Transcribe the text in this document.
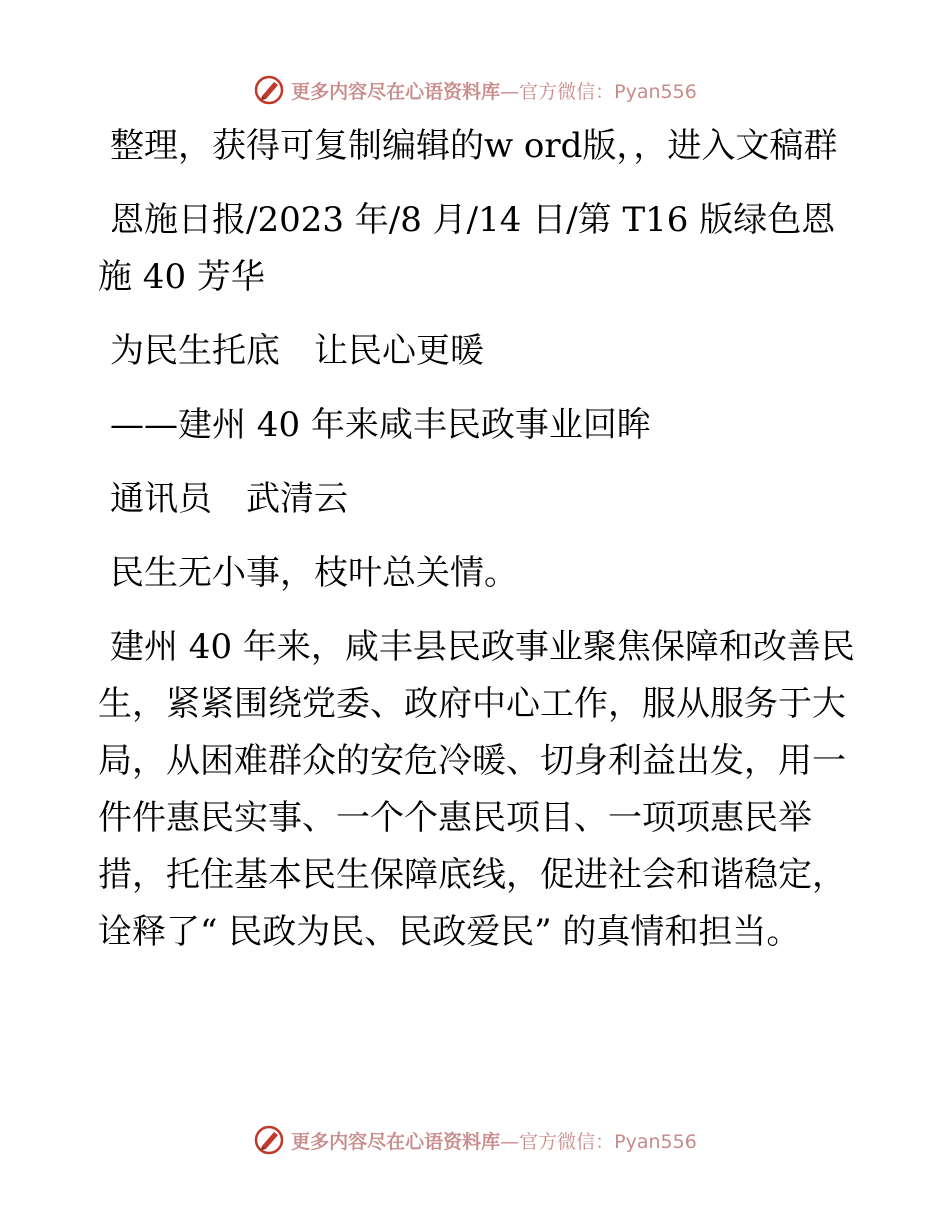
更多内容尽在心语资料库 —官方微信：Pyan556

整理，获得可复制编辑的w ord版，，进入文稿群

恩施日报/2023 年/8 月/14 日/第 T16 版绿色恩施 40 芳华

为民生托底　让民心更暖

——建州 40 年来咸丰民政事业回眸

通讯员　武清云

民生无小事，枝叶总关情。

建州 40 年来，咸丰县民政事业聚焦保障和改善民生，紧紧围绕党委、政府中心工作，服从服务于大局，从困难群众的安危冷暖、切身利益出发，用一件件惠民实事、一个个惠民项目、一项项惠民举措，托住基本民生保障底线，促进社会和谐稳定，诠释了“ 民政为民、民政爱民” 的真情和担当。

更多内容尽在心语资料库 —官方微信：Pyan556
